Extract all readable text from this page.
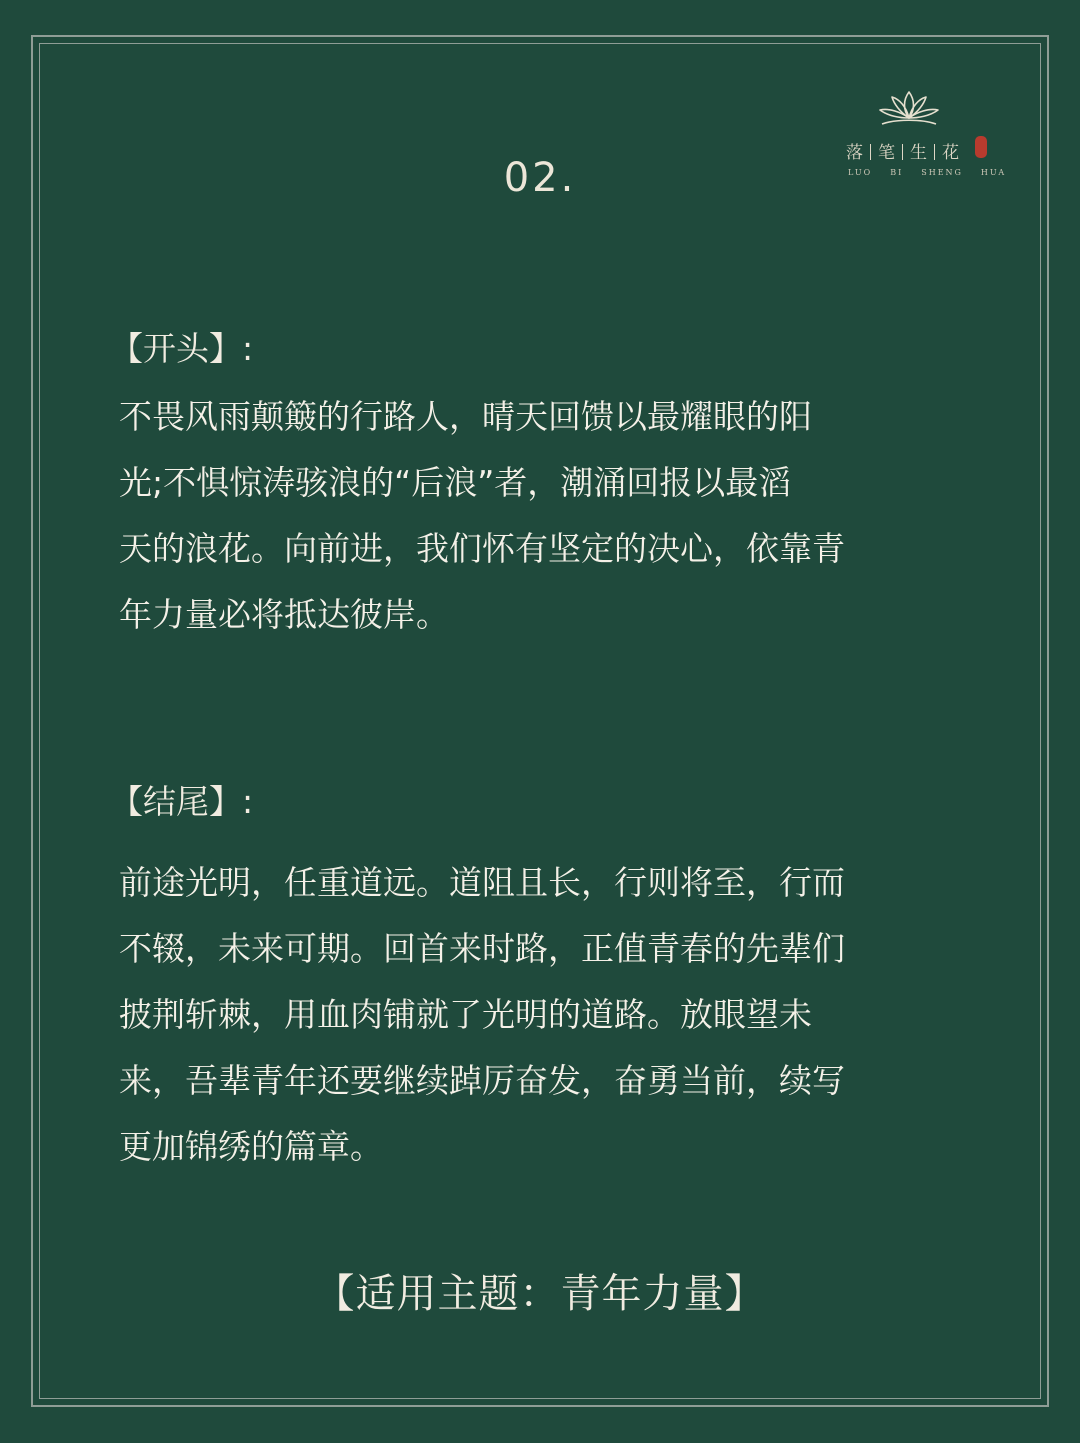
落 笔 生 花
LUO BI SHENG HUA
02.
【开头】:
不畏风雨颠簸的行路人，晴天回馈以最耀眼的阳
光;不惧惊涛骇浪的“后浪”者，潮涌回报以最滔
天的浪花。向前进，我们怀有坚定的决心，依靠青
年力量必将抵达彼岸。
【结尾】:
前途光明，任重道远。道阻且长，行则将至，行而
不辍，未来可期。回首来时路，正值青春的先辈们
披荆斩棘，用血肉铺就了光明的道路。放眼望未
来，吾辈青年还要继续踔厉奋发，奋勇当前，续写
更加锦绣的篇章。
【适用主题：青年力量】
